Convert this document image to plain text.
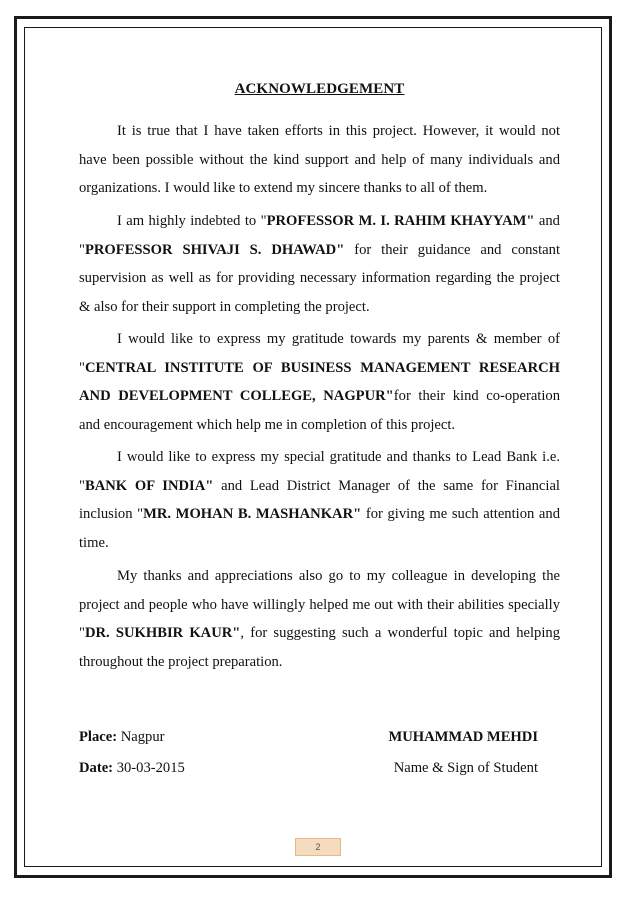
ACKNOWLEDGEMENT

It is true that I have taken efforts in this project. However, it would not have been possible without the kind support and help of many individuals and organizations. I would like to extend my sincere thanks to all of them.

I am highly indebted to "PROFESSOR M. I. RAHIM KHAYYAM" and "PROFESSOR SHIVAJI S. DHAWAD" for their guidance and constant supervision as well as for providing necessary information regarding the project & also for their support in completing the project.

I would like to express my gratitude towards my parents & member of "CENTRAL INSTITUTE OF BUSINESS MANAGEMENT RESEARCH AND DEVELOPMENT COLLEGE, NAGPUR"for their kind co-operation and encouragement which help me in completion of this project.

I would like to express my special gratitude and thanks to Lead Bank i.e. "BANK OF INDIA" and Lead District Manager of the same for Financial inclusion "MR. MOHAN B. MASHANKAR" for giving me such attention and time.

My thanks and appreciations also go to my colleague in developing the project and people who have willingly helped me out with their abilities specially "DR. SUKHBIR KAUR", for suggesting such a wonderful topic and helping throughout the project preparation.

Place: Nagpur	MUHAMMAD MEHDI
Date: 30-03-2015	Name & Sign of Student
2
